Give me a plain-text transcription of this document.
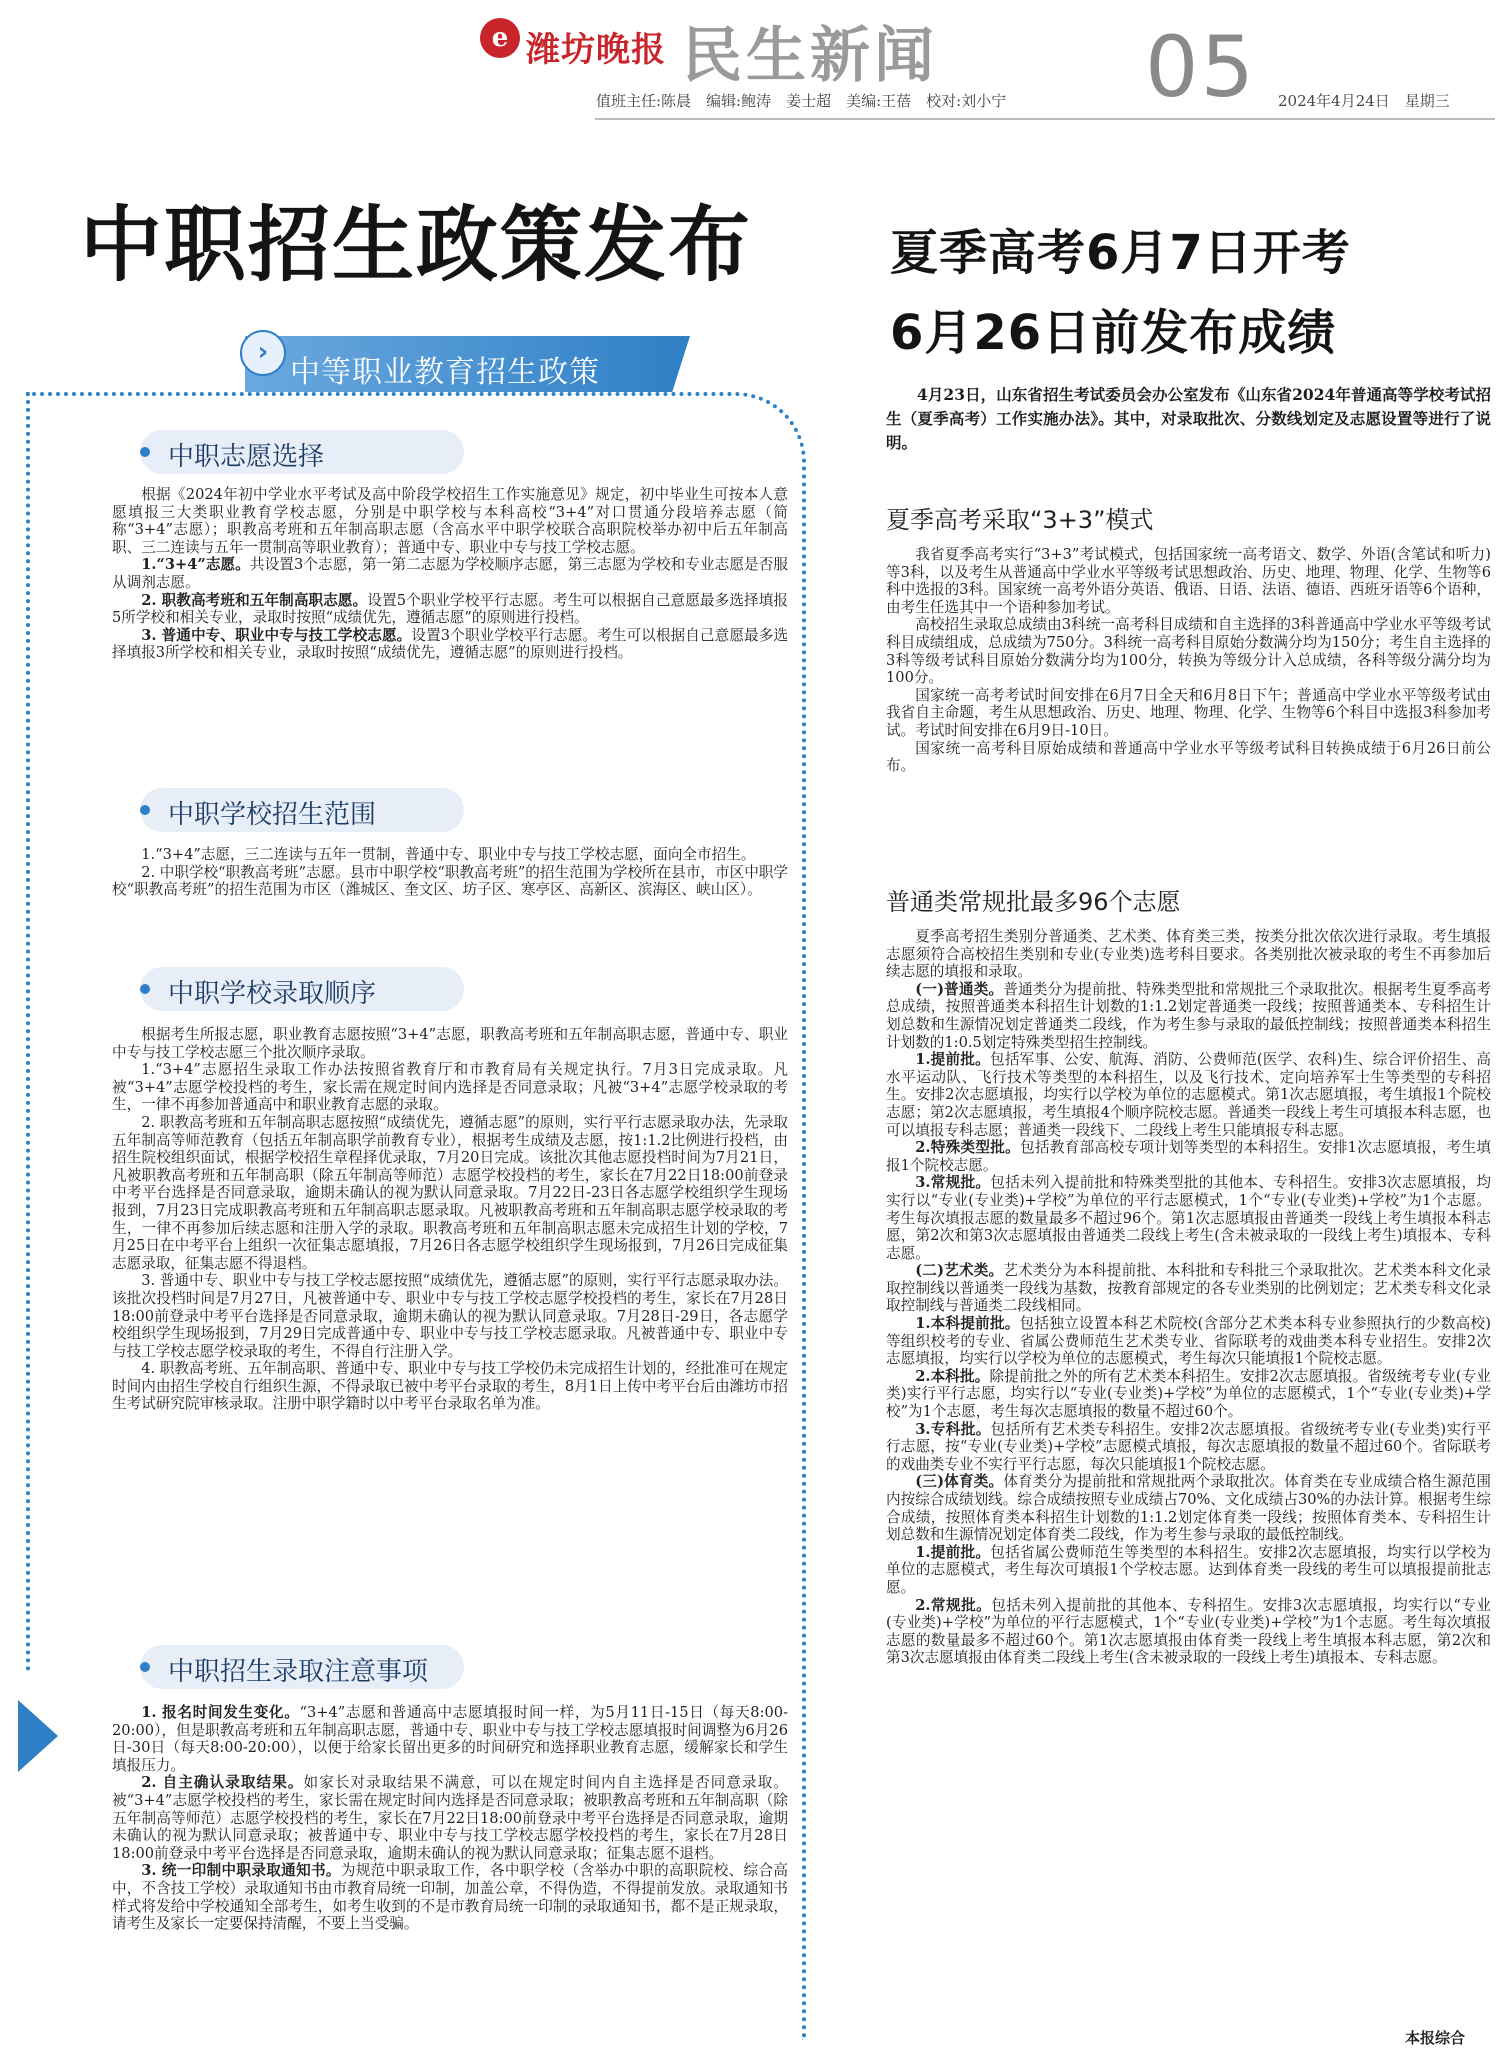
e 潍坊晚报 民生新闻 05
值班主任:陈晨　编辑:鲍涛　姜士超　美编:王蓓　校对:刘小宁	2024年4月24日　星期三
中职招生政策发布
›
中等职业教育招生政策
中职志愿选择

根据《2024年初中学业水平考试及高中阶段学校招生工作实施意见》规定，初中毕业生可按本人意愿填报三大类职业教育学校志愿，分别是中职学校与本科高校“3+4”对口贯通分段培养志愿（简称“3+4”志愿）；职教高考班和五年制高职志愿（含高水平中职学校联合高职院校举办初中后五年制高职、三二连读与五年一贯制高等职业教育）；普通中专、职业中专与技工学校志愿。

1.“3+4”志愿。共设置3个志愿，第一第二志愿为学校顺序志愿，第三志愿为学校和专业志愿是否服从调剂志愿。

2. 职教高考班和五年制高职志愿。设置5个职业学校平行志愿。考生可以根据自己意愿最多选择填报5所学校和相关专业，录取时按照“成绩优先，遵循志愿”的原则进行投档。

3. 普通中专、职业中专与技工学校志愿。设置3个职业学校平行志愿。考生可以根据自己意愿最多选择填报3所学校和相关专业，录取时按照“成绩优先，遵循志愿”的原则进行投档。

中职学校招生范围

1.“3+4”志愿，三二连读与五年一贯制，普通中专、职业中专与技工学校志愿，面向全市招生。

2. 中职学校“职教高考班”志愿。县市中职学校“职教高考班”的招生范围为学校所在县市，市区中职学校“职教高考班”的招生范围为市区（潍城区、奎文区、坊子区、寒亭区、高新区、滨海区、峡山区）。

中职学校录取顺序

根据考生所报志愿，职业教育志愿按照“3+4”志愿，职教高考班和五年制高职志愿，普通中专、职业中专与技工学校志愿三个批次顺序录取。

1.“3+4”志愿招生录取工作办法按照省教育厅和市教育局有关规定执行。7月3日完成录取。凡被“3+4”志愿学校投档的考生，家长需在规定时间内选择是否同意录取；凡被“3+4”志愿学校录取的考生，一律不再参加普通高中和职业教育志愿的录取。

2. 职教高考班和五年制高职志愿按照“成绩优先，遵循志愿”的原则，实行平行志愿录取办法，先录取五年制高等师范教育（包括五年制高职学前教育专业），根据考生成绩及志愿，按1:1.2比例进行投档，由招生院校组织面试，根据学校招生章程择优录取，7月20日完成。该批次其他志愿投档时间为7月21日，凡被职教高考班和五年制高职（除五年制高等师范）志愿学校投档的考生，家长在7月22日18:00前登录中考平台选择是否同意录取，逾期未确认的视为默认同意录取。7月22日-23日各志愿学校组织学生现场报到，7月23日完成职教高考班和五年制高职志愿录取。凡被职教高考班和五年制高职志愿学校录取的考生，一律不再参加后续志愿和注册入学的录取。职教高考班和五年制高职志愿未完成招生计划的学校，7月25日在中考平台上组织一次征集志愿填报，7月26日各志愿学校组织学生现场报到，7月26日完成征集志愿录取，征集志愿不得退档。

3. 普通中专、职业中专与技工学校志愿按照“成绩优先，遵循志愿”的原则，实行平行志愿录取办法。该批次投档时间是7月27日，凡被普通中专、职业中专与技工学校志愿学校投档的考生，家长在7月28日18:00前登录中考平台选择是否同意录取，逾期未确认的视为默认同意录取。7月28日-29日，各志愿学校组织学生现场报到，7月29日完成普通中专、职业中专与技工学校志愿录取。凡被普通中专、职业中专与技工学校志愿学校录取的考生，不得自行注册入学。

4. 职教高考班、五年制高职、普通中专、职业中专与技工学校仍未完成招生计划的，经批准可在规定时间内由招生学校自行组织生源，不得录取已被中考平台录取的考生，8月1日上传中考平台后由潍坊市招生考试研究院审核录取。注册中职学籍时以中考平台录取名单为准。

中职招生录取注意事项

1. 报名时间发生变化。“3+4”志愿和普通高中志愿填报时间一样，为5月11日-15日（每天8:00-20:00），但是职教高考班和五年制高职志愿，普通中专、职业中专与技工学校志愿填报时间调整为6月26日-30日（每天8:00-20:00），以便于给家长留出更多的时间研究和选择职业教育志愿，缓解家长和学生填报压力。

2. 自主确认录取结果。如家长对录取结果不满意，可以在规定时间内自主选择是否同意录取。被“3+4”志愿学校投档的考生，家长需在规定时间内选择是否同意录取；被职教高考班和五年制高职（除五年制高等师范）志愿学校投档的考生，家长在7月22日18:00前登录中考平台选择是否同意录取，逾期未确认的视为默认同意录取；被普通中专、职业中专与技工学校志愿学校投档的考生，家长在7月28日18:00前登录中考平台选择是否同意录取，逾期未确认的视为默认同意录取；征集志愿不退档。

3. 统一印制中职录取通知书。为规范中职录取工作，各中职学校（含举办中职的高职院校、综合高中，不含技工学校）录取通知书由市教育局统一印制，加盖公章，不得伪造，不得提前发放。录取通知书样式将发给中学校通知全部考生，如考生收到的不是市教育局统一印制的录取通知书，都不是正规录取，请考生及家长一定要保持清醒，不要上当受骗。

夏季高考6月7日开考
6月26日前发布成绩

4月23日，山东省招生考试委员会办公室发布《山东省2024年普通高等学校考试招生（夏季高考）工作实施办法》。其中，对录取批次、分数线划定及志愿设置等进行了说明。

夏季高考采取“3+3”模式

我省夏季高考实行“3+3”考试模式，包括国家统一高考语文、数学、外语(含笔试和听力)等3科，以及考生从普通高中学业水平等级考试思想政治、历史、地理、物理、化学、生物等6科中选报的3科。国家统一高考外语分英语、俄语、日语、法语、德语、西班牙语等6个语种，由考生任选其中一个语种参加考试。

高校招生录取总成绩由3科统一高考科目成绩和自主选择的3科普通高中学业水平等级考试科目成绩组成，总成绩为750分。3科统一高考科目原始分数满分均为150分；考生自主选择的3科等级考试科目原始分数满分均为100分，转换为等级分计入总成绩，各科等级分满分均为100分。

国家统一高考考试时间安排在6月7日全天和6月8日下午；普通高中学业水平等级考试由我省自主命题，考生从思想政治、历史、地理、物理、化学、生物等6个科目中选报3科参加考试。考试时间安排在6月9日-10日。

国家统一高考科目原始成绩和普通高中学业水平等级考试科目转换成绩于6月26日前公布。

普通类常规批最多96个志愿

夏季高考招生类别分普通类、艺术类、体育类三类，按类分批次依次进行录取。考生填报志愿须符合高校招生类别和专业(专业类)选考科目要求。各类别批次被录取的考生不再参加后续志愿的填报和录取。

(一)普通类。普通类分为提前批、特殊类型批和常规批三个录取批次。根据考生夏季高考总成绩，按照普通类本科招生计划数的1:1.2划定普通类一段线；按照普通类本、专科招生计划总数和生源情况划定普通类二段线，作为考生参与录取的最低控制线；按照普通类本科招生计划数的1:0.5划定特殊类型招生控制线。

1.提前批。包括军事、公安、航海、消防、公费师范(医学、农科)生、综合评价招生、高水平运动队、飞行技术等类型的本科招生，以及飞行技术、定向培养军士生等类型的专科招生。安排2次志愿填报，均实行以学校为单位的志愿模式。第1次志愿填报，考生填报1个院校志愿；第2次志愿填报，考生填报4个顺序院校志愿。普通类一段线上考生可填报本科志愿，也可以填报专科志愿；普通类一段线下、二段线上考生只能填报专科志愿。

2.特殊类型批。包括教育部高校专项计划等类型的本科招生。安排1次志愿填报，考生填报1个院校志愿。

3.常规批。包括未列入提前批和特殊类型批的其他本、专科招生。安排3次志愿填报，均实行以“专业(专业类)+学校”为单位的平行志愿模式，1个“专业(专业类)+学校”为1个志愿。考生每次填报志愿的数量最多不超过96个。第1次志愿填报由普通类一段线上考生填报本科志愿，第2次和第3次志愿填报由普通类二段线上考生(含未被录取的一段线上考生)填报本、专科志愿。

(二)艺术类。艺术类分为本科提前批、本科批和专科批三个录取批次。艺术类本科文化录取控制线以普通类一段线为基数，按教育部规定的各专业类别的比例划定；艺术类专科文化录取控制线与普通类二段线相同。

1.本科提前批。包括独立设置本科艺术院校(含部分艺术类本科专业参照执行的少数高校)等组织校考的专业、省属公费师范生艺术类专业、省际联考的戏曲类本科专业招生。安排2次志愿填报，均实行以学校为单位的志愿模式，考生每次只能填报1个院校志愿。

2.本科批。除提前批之外的所有艺术类本科招生。安排2次志愿填报。省级统考专业(专业类)实行平行志愿，均实行以“专业(专业类)+学校”为单位的志愿模式，1个“专业(专业类)+学校”为1个志愿，考生每次志愿填报的数量不超过60个。

3.专科批。包括所有艺术类专科招生。安排2次志愿填报。省级统考专业(专业类)实行平行志愿，按“专业(专业类)+学校”志愿模式填报，每次志愿填报的数量不超过60个。省际联考的戏曲类专业不实行平行志愿，每次只能填报1个院校志愿。

(三)体育类。体育类分为提前批和常规批两个录取批次。体育类在专业成绩合格生源范围内按综合成绩划线。综合成绩按照专业成绩占70%、文化成绩占30%的办法计算。根据考生综合成绩，按照体育类本科招生计划数的1:1.2划定体育类一段线；按照体育类本、专科招生计划总数和生源情况划定体育类二段线，作为考生参与录取的最低控制线。

1.提前批。包括省属公费师范生等类型的本科招生。安排2次志愿填报，均实行以学校为单位的志愿模式，考生每次可填报1个学校志愿。达到体育类一段线的考生可以填报提前批志愿。

2.常规批。包括未列入提前批的其他本、专科招生。安排3次志愿填报，均实行以“专业(专业类)+学校”为单位的平行志愿模式，1个“专业(专业类)+学校”为1个志愿。考生每次填报志愿的数量最多不超过60个。第1次志愿填报由体育类一段线上考生填报本科志愿，第2次和第3次志愿填报由体育类二段线上考生(含未被录取的一段线上考生)填报本、专科志愿。

本报综合
